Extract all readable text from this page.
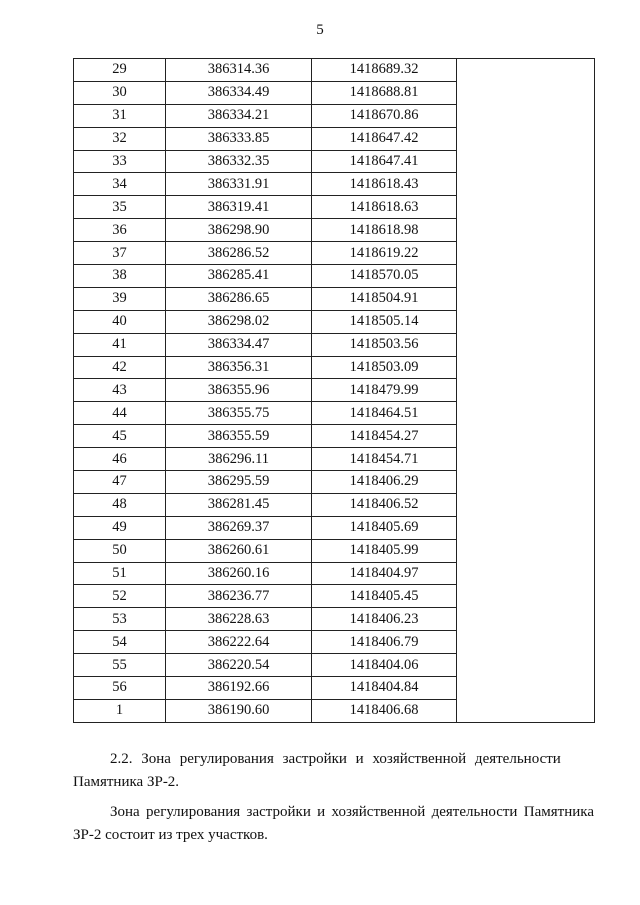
5
29	386314.36	1418689.32	
30	386334.49	1418688.81	
31	386334.21	1418670.86	
32	386333.85	1418647.42	
33	386332.35	1418647.41	
34	386331.91	1418618.43	
35	386319.41	1418618.63	
36	386298.90	1418618.98	
37	386286.52	1418619.22	
38	386285.41	1418570.05	
39	386286.65	1418504.91	
40	386298.02	1418505.14	
41	386334.47	1418503.56	
42	386356.31	1418503.09	
43	386355.96	1418479.99	
44	386355.75	1418464.51	
45	386355.59	1418454.27	
46	386296.11	1418454.71	
47	386295.59	1418406.29	
48	386281.45	1418406.52	
49	386269.37	1418405.69	
50	386260.61	1418405.99	
51	386260.16	1418404.97	
52	386236.77	1418405.45	
53	386228.63	1418406.23	
54	386222.64	1418406.79	
55	386220.54	1418404.06	
56	386192.66	1418404.84	
1	386190.60	1418406.68	
2.2. Зона регулирования застройки и хозяйственной деятельности
Памятника ЗР-2.
Зона регулирования застройки и хозяйственной деятельности Памятника ЗР-2 состоит из трех участков.
